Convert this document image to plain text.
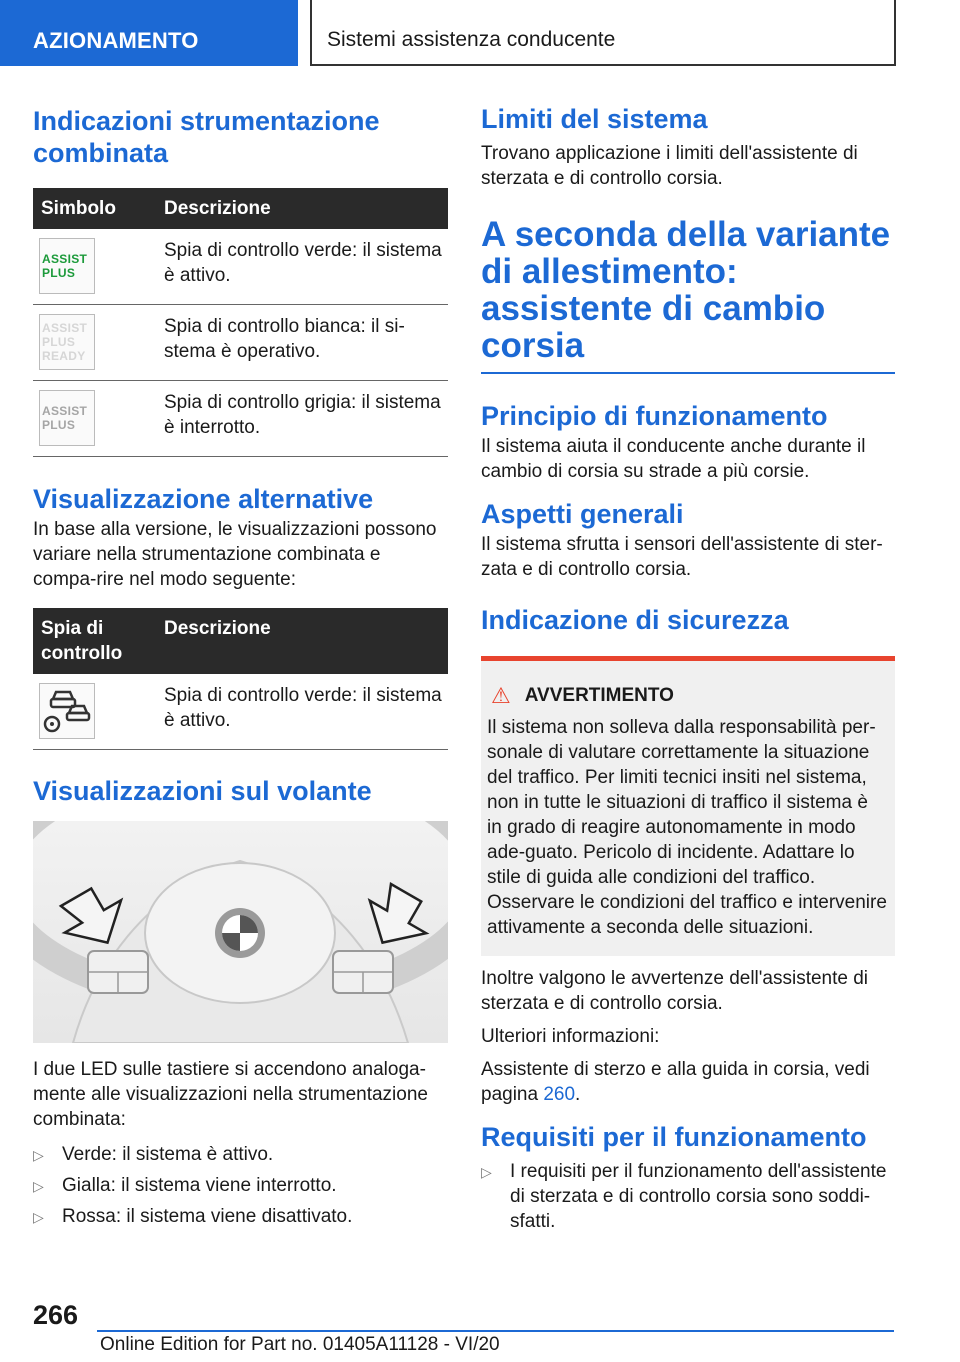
AZIONAMENTO	Sistemi assistenza conducente
Indicazioni strumentazione combinata
Simbolo	Descrizione

ASSIST
PLUS	Spia di controllo verde: il sistema è attivo.

ASSIST
PLUS
READY	Spia di controllo bianca: il si-stema è operativo.

ASSIST
PLUS	Spia di controllo grigia: il sistema è interrotto.
Visualizzazione alternative

In base alla versione, le visualizzazioni possono variare nella strumentazione combinata e compa-rire nel modo seguente:

Spia di controllo	Descrizione

	Spia di controllo verde: il sistema è attivo.
Visualizzazioni sul volante

I due LED sulle tastiere si accendono analoga-mente alle visualizzazioni nella strumentazione combinata:

▷ Verde: il sistema è attivo.
▷ Gialla: il sistema viene interrotto.
▷ Rossa: il sistema viene disattivato.
Limiti del sistema

Trovano applicazione i limiti dell'assistente di sterzata e di controllo corsia.

A seconda della variante di allestimento: assistente di cambio corsia
Principio di funzionamento

Il sistema aiuta il conducente anche durante il cambio di corsia su strade a più corsie.

Aspetti generali

Il sistema sfrutta i sensori dell'assistente di ster-zata e di controllo corsia.

Indicazione di sicurezza
⚠ AVVERTIMENTO

Il sistema non solleva dalla responsabilità per-sonale di valutare correttamente la situazione del traffico. Per limiti tecnici insiti nel sistema, non in tutte le situazioni di traffico il sistema è in grado di reagire autonomamente in modo ade-guato. Pericolo di incidente. Adattare lo stile di guida alle condizioni del traffico. Osservare le condizioni del traffico e intervenire attivamente a seconda delle situazioni.

Inoltre valgono le avvertenze dell'assistente di sterzata e di controllo corsia.

Ulteriori informazioni:

Assistente di sterzo e alla guida in corsia, vedi pagina 260.

Requisiti per il funzionamento
▷ I requisiti per il funzionamento dell'assistente di sterzata e di controllo corsia sono soddi-sfatti.
266
Online Edition for Part no. 01405A11128 - VI/20
